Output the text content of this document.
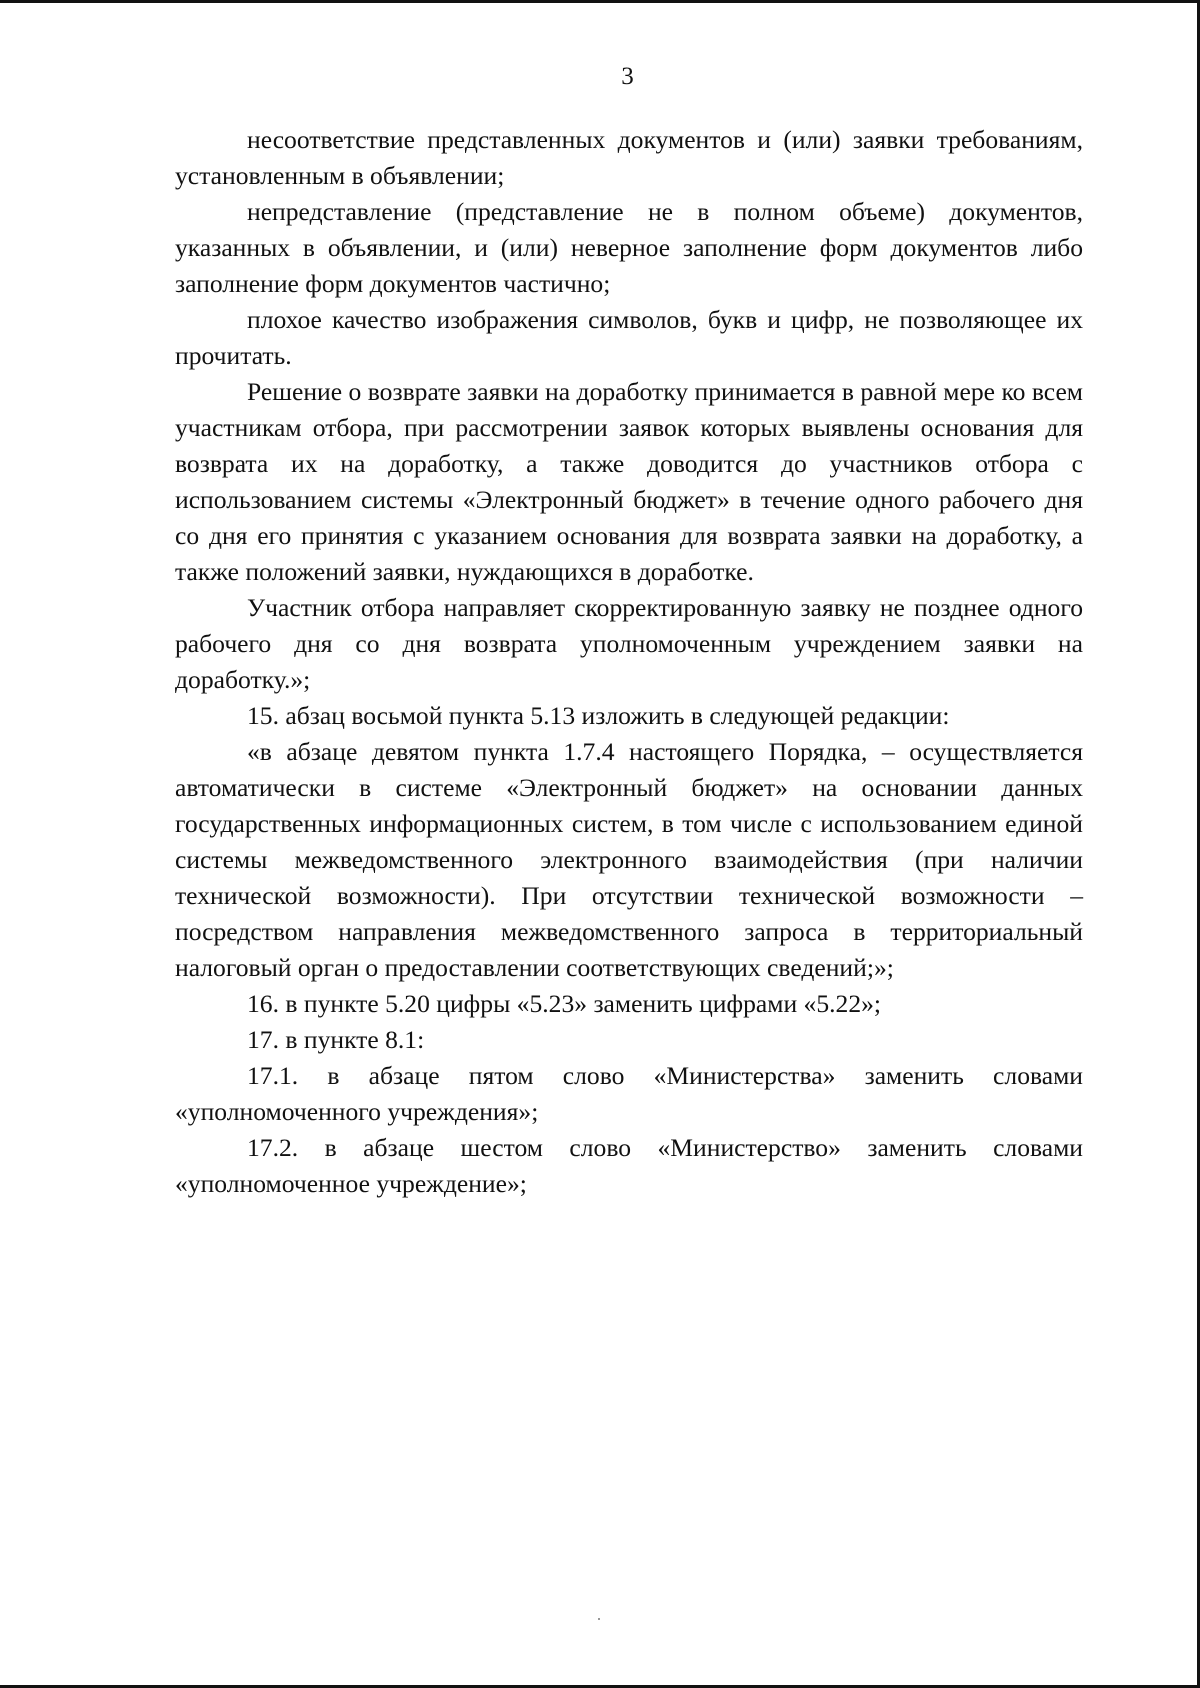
3

несоответствие представленных документов и (или) заявки требованиям, установленным в объявлении;

непредставление (представление не в полном объеме) документов, указанных в объявлении, и (или) неверное заполнение форм документов либо заполнение форм документов частично;

плохое качество изображения символов, букв и цифр, не позволяющее их прочитать.

Решение о возврате заявки на доработку принимается в равной мере ко всем участникам отбора, при рассмотрении заявок которых выявлены основания для возврата их на доработку, а также доводится до участников отбора с использованием системы «Электронный бюджет» в течение одного рабочего дня со дня его принятия с указанием основания для возврата заявки на доработку, а также положений заявки, нуждающихся в доработке.

Участник отбора направляет скорректированную заявку не позднее одного рабочего дня со дня возврата уполномоченным учреждением заявки на доработку.»;

15. абзац восьмой пункта 5.13 изложить в следующей редакции:

«в абзаце девятом пункта 1.7.4 настоящего Порядка, – осуществляется автоматически в системе «Электронный бюджет» на основании данных государственных информационных систем, в том числе с использованием единой системы межведомственного электронного взаимодействия (при наличии технической возможности). При отсутствии технической возможности – посредством направления межведомственного запроса в территориальный налоговый орган о предоставлении соответствующих сведений;»;

16. в пункте 5.20 цифры «5.23» заменить цифрами «5.22»;

17. в пункте 8.1:

17.1. в абзаце пятом слово «Министерства» заменить словами «уполномоченного учреждения»;

17.2. в абзаце шестом слово «Министерство» заменить словами «уполномоченное учреждение»;
